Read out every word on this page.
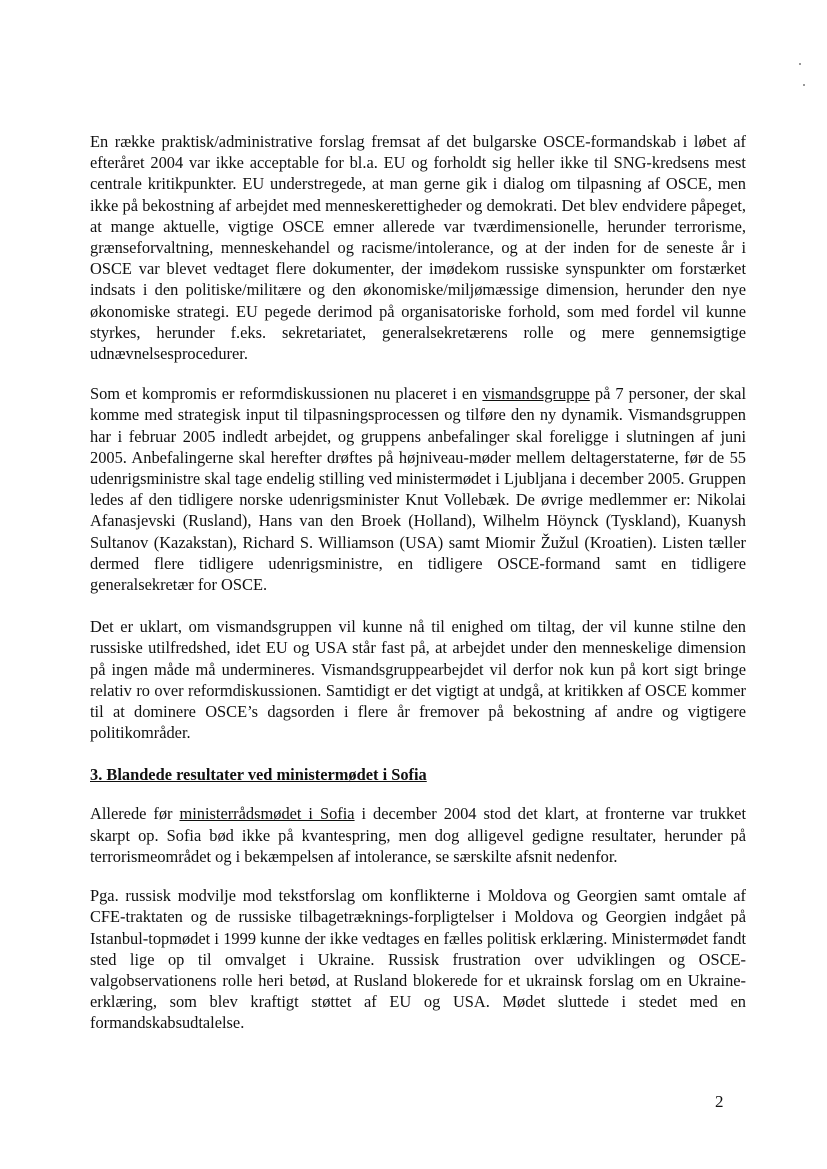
En række praktisk/administrative forslag fremsat af det bulgarske OSCE-formandskab i løbet af efteråret 2004 var ikke acceptable for bl.a. EU og forholdt sig heller ikke til SNG-kredsens mest centrale kritikpunkter. EU understregede, at man gerne gik i dialog om tilpasning af OSCE, men ikke på bekostning af arbejdet med menneskerettigheder og demokrati. Det blev endvidere påpeget, at mange aktuelle, vigtige OSCE emner allerede var tværdimensionelle, herunder terrorisme, grænseforvaltning, menneskehandel og racisme/intolerance, og at der inden for de seneste år i OSCE var blevet vedtaget flere dokumenter, der imødekom russiske synspunkter om forstærket indsats i den politiske/militære og den økonomiske/miljømæssige dimension, herunder den nye økonomiske strategi. EU pegede derimod på organisatoriske forhold, som med fordel vil kunne styrkes, herunder f.eks. sekretariatet, generalsekretærens rolle og mere gennemsigtige udnævnelsesprocedurer.

Som et kompromis er reformdiskussionen nu placeret i en vismandsgruppe på 7 personer, der skal komme med strategisk input til tilpasningsprocessen og tilføre den ny dynamik. Vismandsgruppen har i februar 2005 indledt arbejdet, og gruppens anbefalinger skal foreligge i slutningen af juni 2005. Anbefalingerne skal herefter drøftes på højniveau-møder mellem deltagerstaterne, før de 55 udenrigsministre skal tage endelig stilling ved ministermødet i Ljubljana i december 2005. Gruppen ledes af den tidligere norske udenrigsminister Knut Vollebæk. De øvrige medlemmer er: Nikolai Afanasjevski (Rusland), Hans van den Broek (Holland), Wilhelm Höynck (Tyskland), Kuanysh Sultanov (Kazakstan), Richard S. Williamson (USA) samt Miomir Žužul (Kroatien). Listen tæller dermed flere tidligere udenrigsministre, en tidligere OSCE-formand samt en tidligere generalsekretær for OSCE.

Det er uklart, om vismandsgruppen vil kunne nå til enighed om tiltag, der vil kunne stilne den russiske utilfredshed, idet EU og USA står fast på, at arbejdet under den menneskelige dimension på ingen måde må undermineres. Vismandsgruppearbejdet vil derfor nok kun på kort sigt bringe relativ ro over reformdiskussionen. Samtidigt er det vigtigt at undgå, at kritikken af OSCE kommer til at dominere OSCE’s dagsorden i flere år fremover på bekostning af andre og vigtigere politikområder.

3. Blandede resultater ved ministermødet i Sofia

Allerede før ministerrådsmødet i Sofia i december 2004 stod det klart, at fronterne var trukket skarpt op. Sofia bød ikke på kvantespring, men dog alligevel gedigne resultater, herunder på terrorismeområdet og i bekæmpelsen af intolerance, se særskilte afsnit nedenfor.

Pga. russisk modvilje mod tekstforslag om konflikterne i Moldova og Georgien samt omtale af CFE-traktaten og de russiske tilbagetræknings-forpligtelser i Moldova og Georgien indgået på Istanbul-topmødet i 1999 kunne der ikke vedtages en fælles politisk erklæring. Ministermødet fandt sted lige op til omvalget i Ukraine. Russisk frustration over udviklingen og OSCE-valgobservationens rolle heri betød, at Rusland blokerede for et ukrainsk forslag om en Ukraine-erklæring, som blev kraftigt støttet af EU og USA. Mødet sluttede i stedet med en formandskabsudtalelse.

2
